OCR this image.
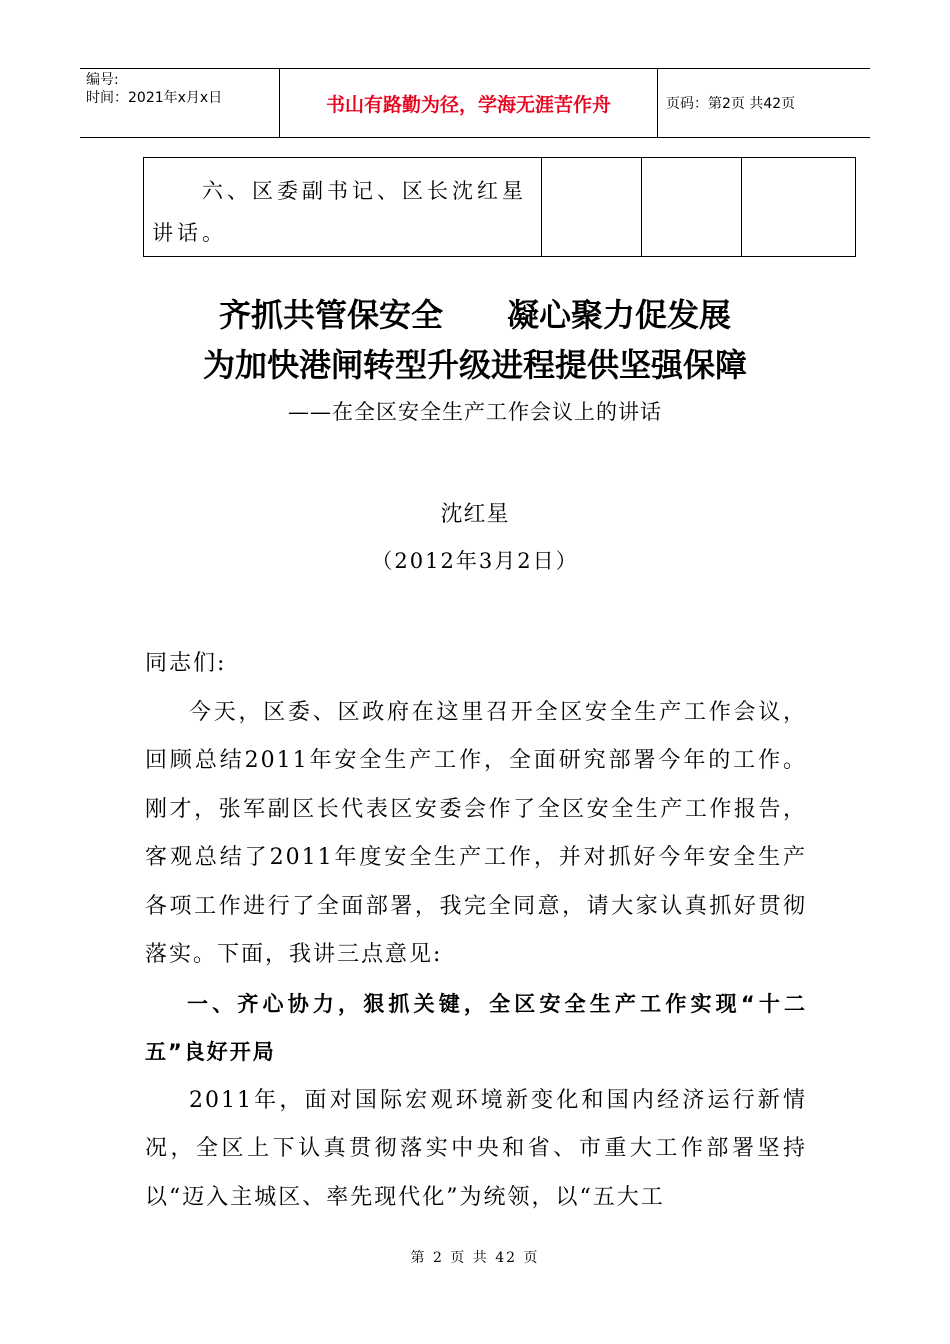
编号:
时间：2021年x月x日	书山有路勤为径，学海无涯苦作舟	页码：第2页 共42页
六、区委副书记、区长沈红星讲话。
齐抓共管保安全　　凝心聚力促发展
为加快港闸转型升级进程提供坚强保障
——在全区安全生产工作会议上的讲话
沈红星
（2012年3月2日）

同志们:

今天，区委、区政府在这里召开全区安全生产工作会议，回顾总结2011年安全生产工作，全面研究部署今年的工作。刚才，张军副区长代表区安委会作了全区安全生产工作报告，客观总结了2011年度安全生产工作，并对抓好今年安全生产各项工作进行了全面部署，我完全同意，请大家认真抓好贯彻落实。下面，我讲三点意见:

一、齐心协力，狠抓关键，全区安全生产工作实现“十二五”良好开局

2011年，面对国际宏观环境新变化和国内经济运行新情况，全区上下认真贯彻落实中央和省、市重大工作部署坚持以“迈入主城区、率先现代化”为统领，以“五大工

第 2 页 共 42 页
